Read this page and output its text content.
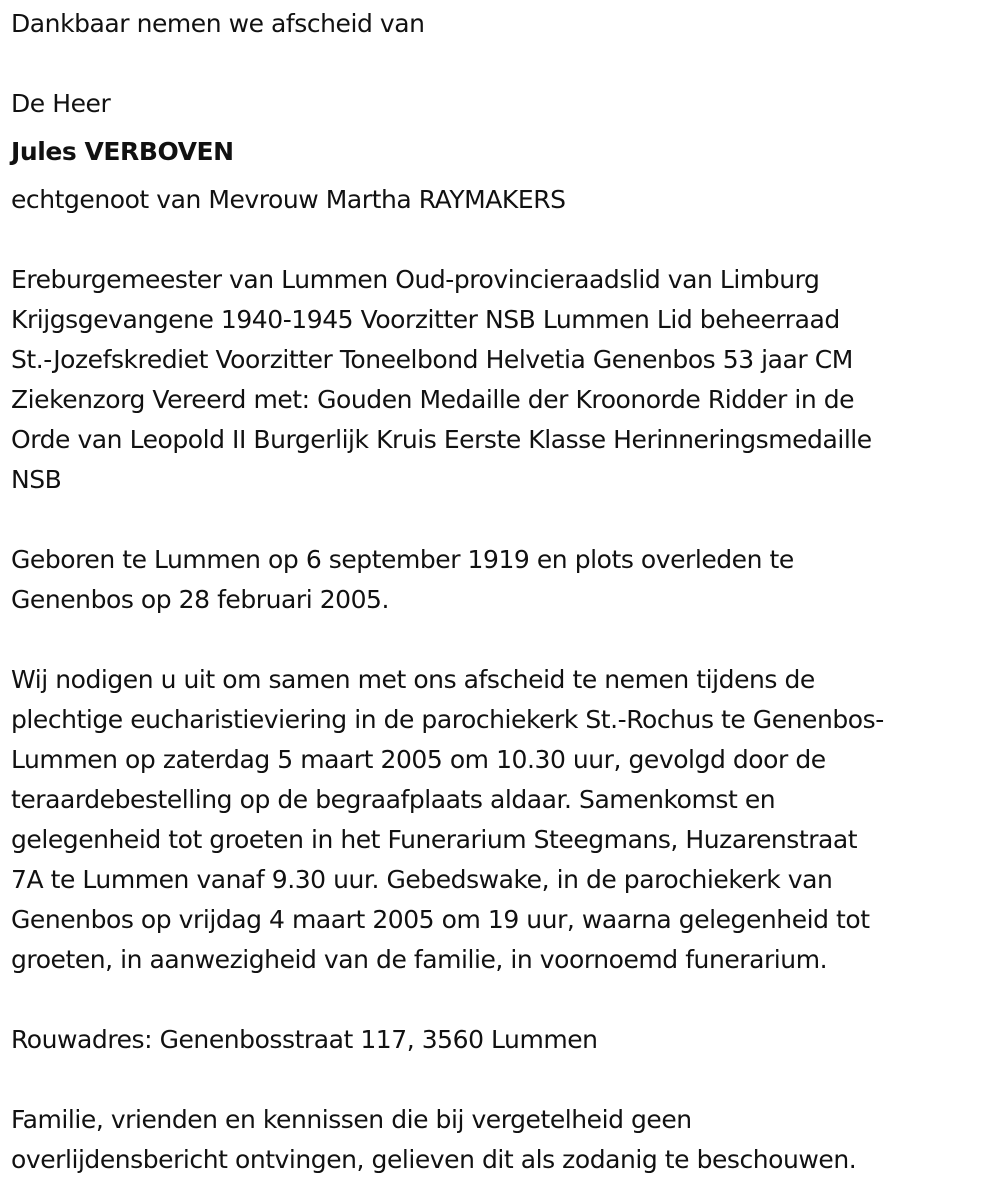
Dankbaar nemen we afscheid van
De Heer
Jules VERBOVEN
echtgenoot van Mevrouw Martha RAYMAKERS
Ereburgemeester van Lummen Oud-provincieraadslid van Limburg
Krijgsgevangene 1940-1945 Voorzitter NSB Lummen Lid beheerraad
St.-Jozefskrediet Voorzitter Toneelbond Helvetia Genenbos 53 jaar CM
Ziekenzorg Vereerd met: Gouden Medaille der Kroonorde Ridder in de
Orde van Leopold II Burgerlijk Kruis Eerste Klasse Herinneringsmedaille
NSB
Geboren te Lummen op 6 september 1919 en plots overleden te
Genenbos op 28 februari 2005.
Wij nodigen u uit om samen met ons afscheid te nemen tijdens de
plechtige eucharistieviering in de parochiekerk St.-Rochus te Genenbos-
Lummen op zaterdag 5 maart 2005 om 10.30 uur, gevolgd door de
teraardebestelling op de begraafplaats aldaar. Samenkomst en
gelegenheid tot groeten in het Funerarium Steegmans, Huzarenstraat
7A te Lummen vanaf 9.30 uur. Gebedswake, in de parochiekerk van
Genenbos op vrijdag 4 maart 2005 om 19 uur, waarna gelegenheid tot
groeten, in aanwezigheid van de familie, in voornoemd funerarium.
Rouwadres: Genenbosstraat 117, 3560 Lummen
Familie, vrienden en kennissen die bij vergetelheid geen
overlijdensbericht ontvingen, gelieven dit als zodanig te beschouwen.
